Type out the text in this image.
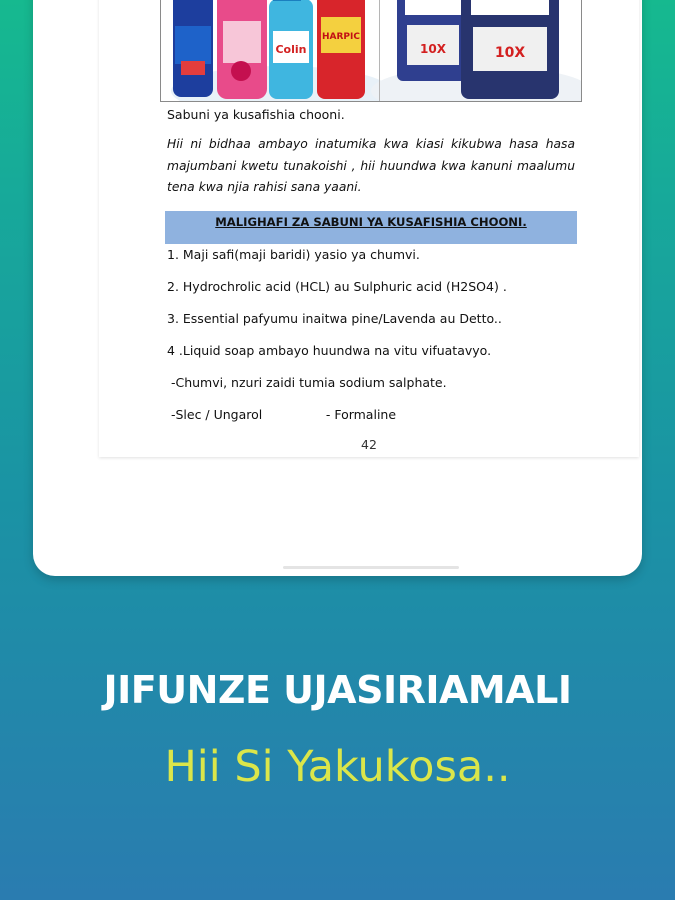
Colin
HARPIC
10X	10X
Sabuni ya kusafishia chooni.
Hii ni bidhaa ambayo inatumika kwa kiasi kikubwa hasa hasa majumbani kwetu tunakoishi , hii huundwa kwa kanuni maalumu tena kwa njia rahisi sana yaani.
MALIGHAFI ZA SABUNI YA KUSAFISHIA CHOONI.
1. Maji safi(maji baridi) yasio ya chumvi.
2. Hydrochrolic acid (HCL) au Sulphuric acid (H2SO4) .
3. Essential pafyumu inaitwa pine/Lavenda au Detto..
4 .Liquid soap ambayo huundwa na vitu vifuatavyo.
-Chumvi, nzuri zaidi tumia sodium salphate.
-Slec / Ungarol                - Formaline
42
JIFUNZE UJASIRIAMALI
Hii Si Yakukosa..
